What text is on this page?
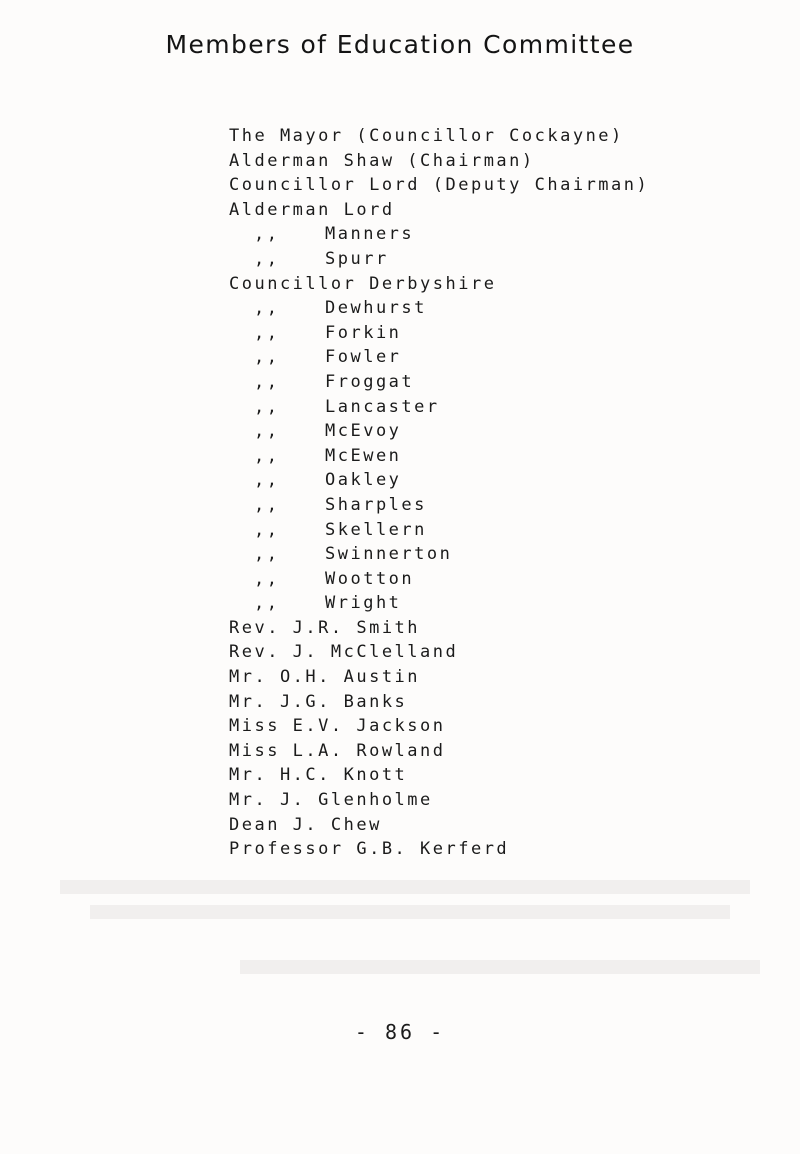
Members of Education Committee
The Mayor (Councillor Cockayne)
Alderman Shaw (Chairman)
Councillor Lord (Deputy Chairman)
Alderman Lord
,,	Manners
,,	Spurr
Councillor Derbyshire
,,	Dewhurst
,,	Forkin
,,	Fowler
,,	Froggat
,,	Lancaster
,,	McEvoy
,,	McEwen
,,	Oakley
,,	Sharples
,,	Skellern
,,	Swinnerton
,,	Wootton
,,	Wright
Rev. J.R. Smith
Rev. J. McClelland
Mr. O.H. Austin
Mr. J.G. Banks
Miss E.V. Jackson
Miss L.A. Rowland
Mr. H.C. Knott
Mr. J. Glenholme
Dean J. Chew
Professor G.B. Kerferd
- 86 -
